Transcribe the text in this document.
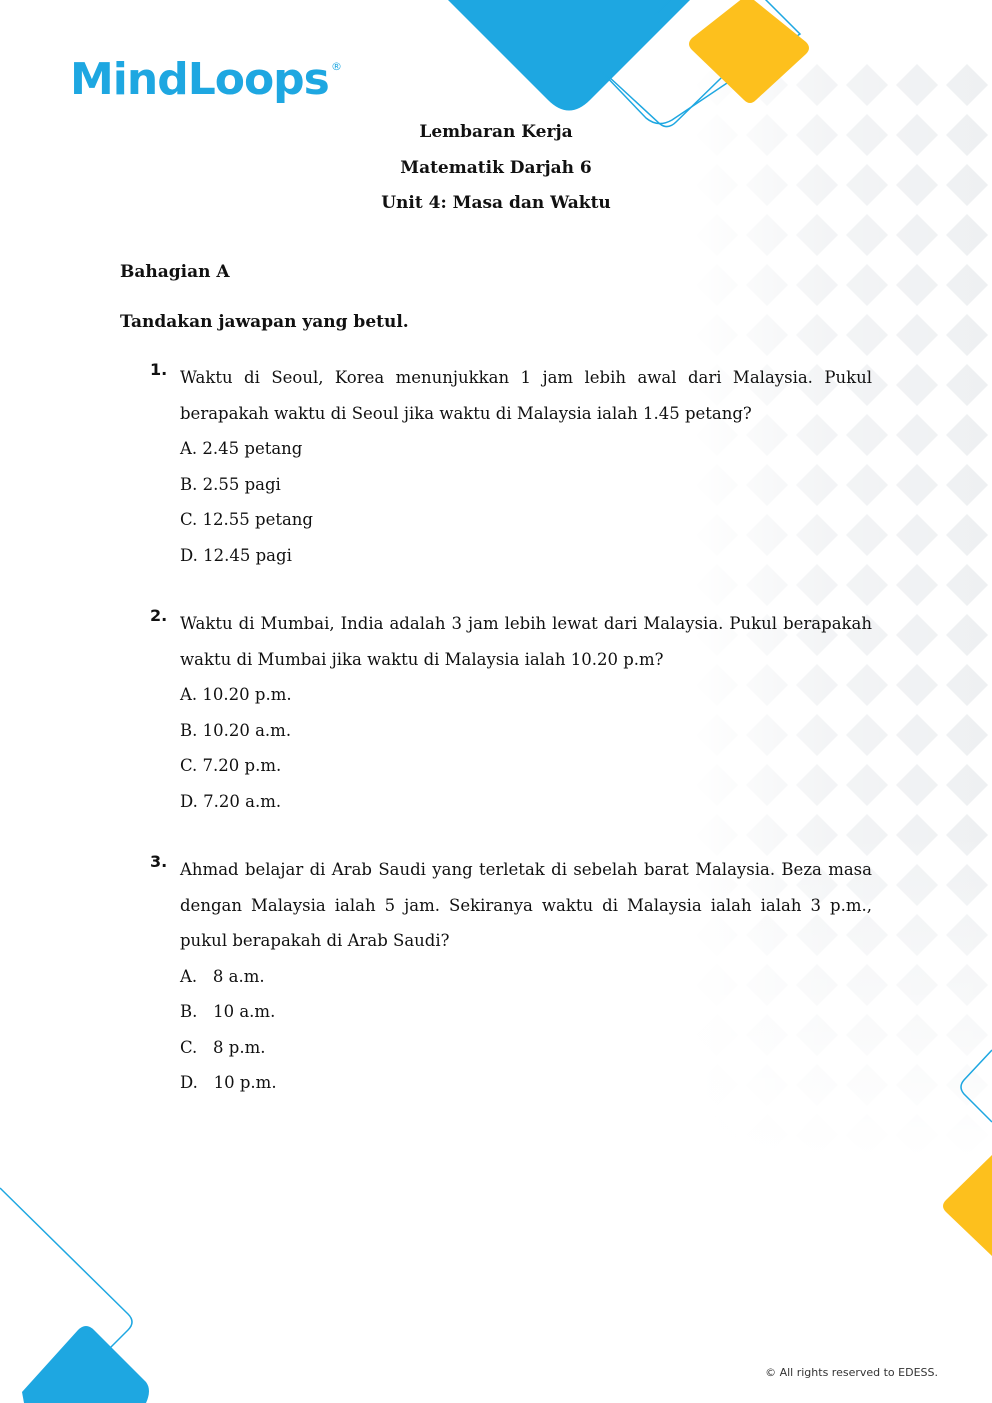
MindLoops ®
Lembaran Kerja
Matematik Darjah 6
Unit 4: Masa dan Waktu
Bahagian A
Tandakan jawapan yang betul.
1. Waktu di Seoul, Korea menunjukkan 1 jam lebih awal dari Malaysia. Pukul berapakah waktu di Seoul jika waktu di Malaysia ialah 1.45 petang?
A. 2.45 petang
B. 2.55 pagi
C. 12.55 petang
D. 12.45 pagi
2. Waktu di Mumbai, India adalah 3 jam lebih lewat dari Malaysia. Pukul berapakah waktu di Mumbai jika waktu di Malaysia ialah 10.20 p.m?
A. 10.20 p.m.
B. 10.20 a.m.
C. 7.20 p.m.
D. 7.20 a.m.
3. Ahmad belajar di Arab Saudi yang terletak di sebelah barat Malaysia. Beza masa dengan Malaysia ialah 5 jam. Sekiranya waktu di Malaysia ialah ialah 3 p.m., pukul berapakah di Arab Saudi?
A.   8 a.m.
B.   10 a.m.
C.   8 p.m.
D.   10 p.m.
© All rights reserved to EDESS.
